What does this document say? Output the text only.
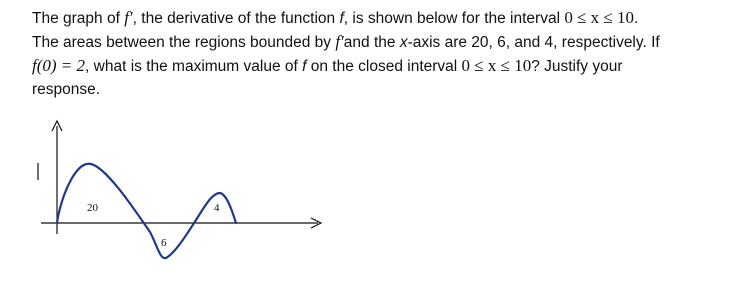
The graph of f′, the derivative of the function f, is shown below for the interval 0 ≤ x ≤ 10.
The areas between the regions bounded by f′and the x-axis are 20, 6, and 4, respectively. If
f(0) = 2, what is the maximum value of f on the closed interval 0 ≤ x ≤ 10? Justify your
response.
20
6
4
